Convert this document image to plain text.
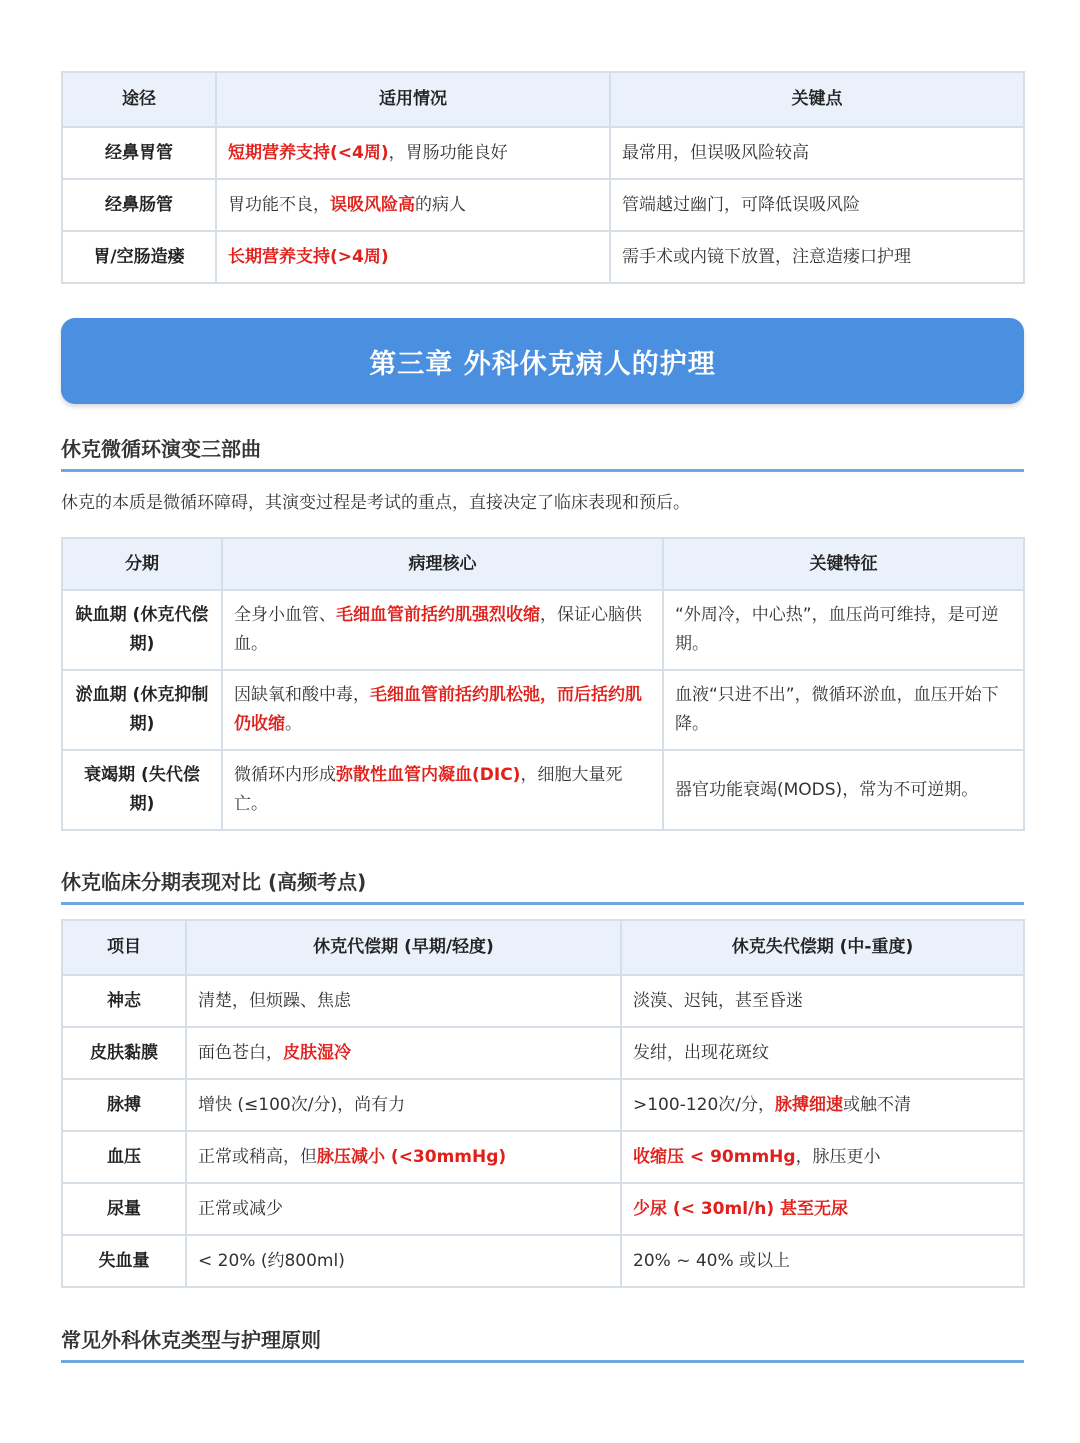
途径	适用情况	关键点
经鼻胃管	短期营养支持(<4周)，胃肠功能良好	最常用，但误吸风险较高
经鼻肠管	胃功能不良，误吸风险高的病人	管端越过幽门，可降低误吸风险
胃/空肠造瘘	长期营养支持(>4周)	需手术或内镜下放置，注意造瘘口护理
第三章 外科休克病人的护理
休克微循环演变三部曲
休克的本质是微循环障碍，其演变过程是考试的重点，直接决定了临床表现和预后。
分期	病理核心	关键特征
缺血期 (休克代偿期)	全身小血管、毛细血管前括约肌强烈收缩，保证心脑供血。	“外周冷，中心热”，血压尚可维持，是可逆期。
淤血期 (休克抑制期)	因缺氧和酸中毒，毛细血管前括约肌松弛，而后括约肌仍收缩。	血液“只进不出”，微循环淤血，血压开始下降。
衰竭期 (失代偿期)	微循环内形成弥散性血管内凝血(DIC)，细胞大量死亡。	器官功能衰竭(MODS)，常为不可逆期。
休克临床分期表现对比 (高频考点)
项目	休克代偿期 (早期/轻度)	休克失代偿期 (中-重度)
神志	清楚，但烦躁、焦虑	淡漠、迟钝，甚至昏迷
皮肤黏膜	面色苍白，皮肤湿冷	发绀，出现花斑纹
脉搏	增快 (≤100次/分)，尚有力	>100-120次/分，脉搏细速或触不清
血压	正常或稍高，但脉压减小 (<30mmHg)	收缩压 < 90mmHg，脉压更小
尿量	正常或减少	少尿 (< 30ml/h) 甚至无尿
失血量	< 20% (约800ml)	20% ~ 40% 或以上
常见外科休克类型与护理原则
